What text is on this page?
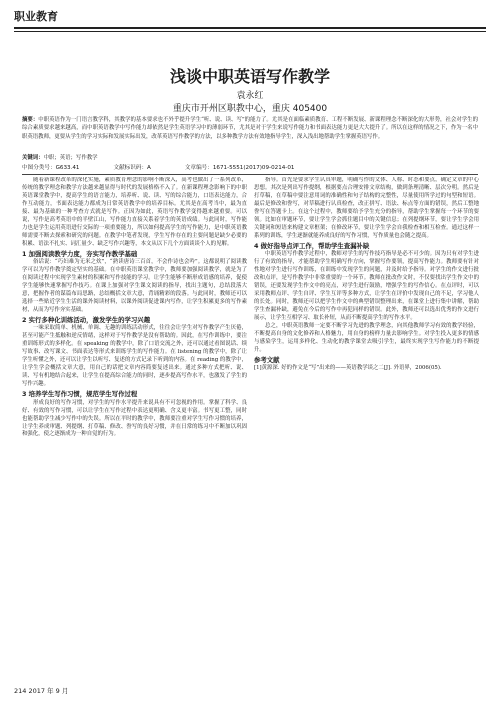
职业教育
浅谈中职英语写作教学
袁永红
重庆市开州区职教中心，重庆 405400
摘要：中职英语作为一门语言教学科，其教学的基本要求也不外乎提升学生“听、说、读、写”的能力了。尤其是在面临素质教育、工程不断发展、新课程理念不断深化的大形势，社会对学生的综合素质要求越来越高，而中职英语教学中写作能力却依然是学生英语学习中的薄弱环节，尤其是对于学生来说写作能力和书面表达能力更是大大提升了。所以在这样的情况之下，作为一名中职英语教师，更要从学生的学习实际和发展实际出发，改革英语写作教学的方法，以多种教学方法有效地指导学生，深入浅出地帮助学生掌握英语写作。
关键词：中职；英语；写作教学
中图分类号：G633.41	文献标识码：A	文章编号：1671-5551(2017)09-0214-01

随着新课程改革的深化实施，素质教育理念的影响不断深入，高考也做出了一系列改革，传统的教学理念和教学方法越来越显得与时代的发展格格不入了。在新课程理念影响下的中职英语课堂教学中，提高学生的语言能力，培养听、说、读、写的综合能力，口语表达能力，合作互动能力，书面表达能力都成为日常英语教学中的培养目标。尤其是在高考当中，最为直接、最为基础的一种考查方式就是写作。正因为如此，英语写作教学变得越来越重要。可以说，写作是高考英语中的半壁江山，写作能力直接关系着学生的英语成绩。与此同时，写作能力也是学生运用英语进行交际的一项重要能力，所以如何提高学生的写作能力，是中职英语教师需要不断去探索和研究的问题。在教学中笔者发现，学生写作存在的主要问题是缺少必要的积累、语法不扎实、词汇量少、缺乏写作兴趣等，本文从以下几个方面谈谈个人的见解。

1 加强阅读教学力度，夯实写作教学基础

俗话说：“巧妇难为无米之炊”，“熟读唐诗三百首，不会作诗也会吟”。这都说明了阅读教学可以为写作教学奠定坚实的基础。在中职英语课堂教学中，教师要加强阅读教学，就是为了在阅读过程中实现学生素材的积累和写作技能的学习。让学生能够不断形成语感的培养，促使学生能够快速掌握写作技巧。在课上加强对学生课文阅读的指导，找出主题句，总结段落大意，把握作者的谋篇布局思路，总结概括文章大意，背诵精彩的段落。与此同时，教师还可以选择一些贴近学生生活的课外阅读材料，以课外阅读促进课内写作，让学生积累更多的写作素材，从而为写作夯实基础。

2 实行多种化训练活动，激发学生的学习兴趣

一味采取简单、机械、单调、无趣的训练活动形式，往往会让学生对写作教学产生厌倦，甚至可能产生抵触和逆反情绪，这样对于写作教学是没有帮助的。因此，在写作训练中，要注重训练形式的多样化。在 speaking 的教学中，除了口语交流之外，还可以通过看图说话、续写故事、改写课文、书面表达等形式来训练学生的写作能力。在 listening 的教学中，除了让学生听懂之外，还可以让学生以听写、复述的方式记录下听到的内容。在 reading 的教学中，让学生学会概括文章大意，用自己的话把文章内容简要复述出来。通过多种方式把听、说、读、写有机地结合起来，让学生在提高综合能力的同时，逐步提高写作水平，也激发了学生的写作兴趣。

3 培养学生写作习惯，规范学生写作过程

形成良好的写作习惯，对学生的写作水平提升来说具有不可忽视的作用。掌握了科学、良好、有效的写作习惯，可以让学生在写作过程中表达更明确、含义更丰富。书写更工整，同时也能帮助学生减少写作中的失误。所以在平时的教学中，教师要注重对学生写作习惯的培养，让学生养成审题、列提纲、打草稿、修改、誊写的良好习惯，并在日常的练习中不断加以巩固和强化，使之逐渐成为一种自觉的行为。

指导。首先是要求学生认真审题，明确写作的文体、人称、时态和要点，确定文章的中心思想。其次是列出写作提纲，根据要点合理安排文章结构，做到条理清晰、层次分明。然后是打草稿，在草稿中要注意用词的准确性和句子结构的完整性，尽量使用所学过的句型和短语。最后是修改和誊写，对草稿进行认真检查，改正拼写、语法、标点等方面的错误，然后工整地誊写在答题卡上。在这个过程中，教师要给予学生充分的指导，帮助学生掌握每一个环节的要领。比如在审题环节，要让学生学会抓住题目中的关键信息；在列提纲环节，要让学生学会用关键词和短语来构建文章框架；在修改环节，要让学生学会自我检查和相互检查。通过这样一系列的训练，学生逐渐就能养成良好的写作习惯，写作质量也会随之提高。

4 做好指导点评工作，帮助学生查漏补缺

中职英语写作教学过程中，教师对学生的写作技巧指导是必不可少的。因为只有对学生进行了有效的指导，才能帮助学生明确写作方向，掌握写作要领，提高写作能力。教师要有针对性地对学生进行写作训练，在训练中发现学生的问题，并及时给予指导。对学生的作文进行批改和点评，是写作教学中非常重要的一个环节。教师在批改作文时，不仅要找出学生作文中的错误，还要发现学生作文中的亮点，对学生进行鼓励，增强学生的写作信心。在点评时，可以采用教师点评、学生自评、学生互评等多种方式，让学生在评价中发现自己的不足，学习他人的长处。同时，教师还可以把学生作文中的典型错误整理出来，在课堂上进行集中讲解，帮助学生查漏补缺，避免在今后的写作中再犯同样的错误。此外，教师还可以选出优秀的作文进行展示，让学生互相学习、取长补短，从而不断提高学生的写作水平。

总之，中职英语教师一定要不断学习先进的教学理念，向其他教师学习有效的教学经验，不断提高自身的文化修养和人格魅力，用自身的榜样力量去影响学生。对学生投入更多的情感与感染学生，运用多样化、生动化的教学课堂去吸引学生，最终实现学生写作能力的不断提升。

参考文献

[1]黄源深. 好的作文是“写”出来的——英语教学谈之二[J]. 外语界，2006(05).

214 2017 年 9 月
